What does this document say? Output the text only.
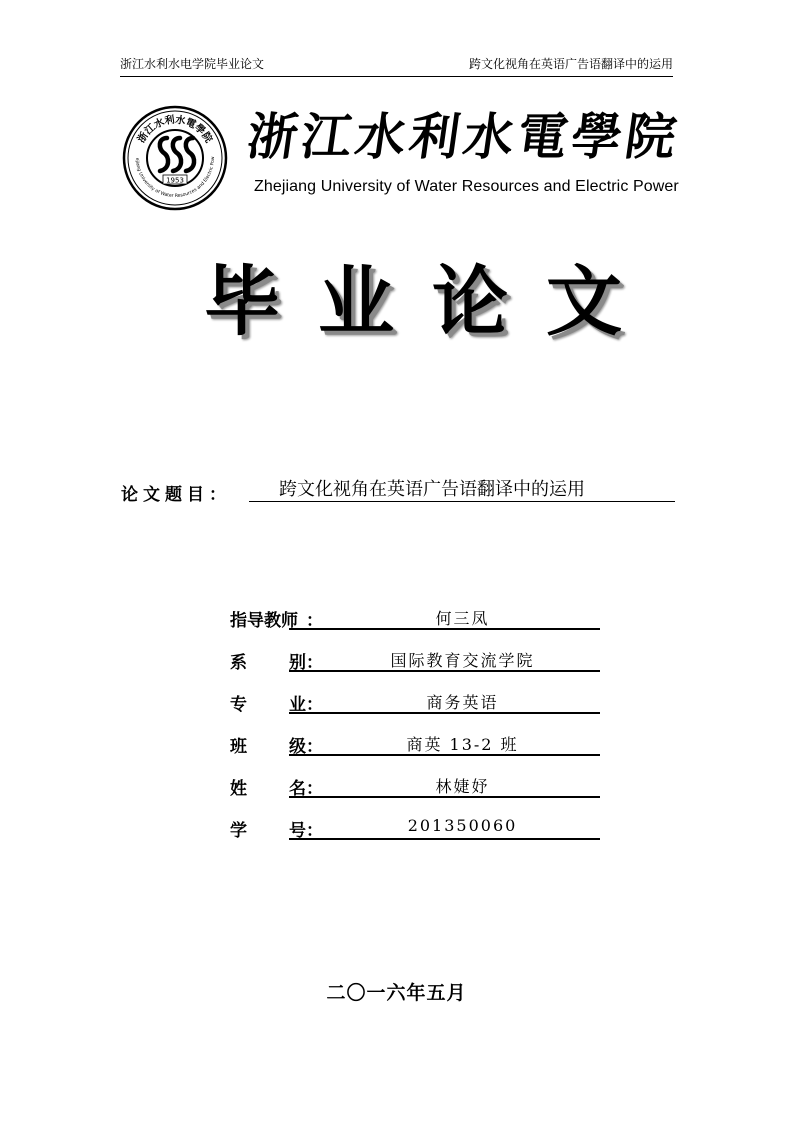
浙江水利水电学院毕业论文	跨文化视角在英语广告语翻译中的运用
浙江水利水電學院
ejiang University of Water Resources and Electric Pow
1953
浙江水利水電學院
Zhejiang University of Water Resources and Electric Power
毕业论文
论文题目：	跨文化视角在英语广告语翻译中的运用
指导教师 ：	何三凤
系 别 ：	国际教育交流学院
专 业 ：	商务英语
班 级 ：	商英 13-2 班
姓 名 ：	林婕妤
学 号 ：	201350060
二〇一六年五月
